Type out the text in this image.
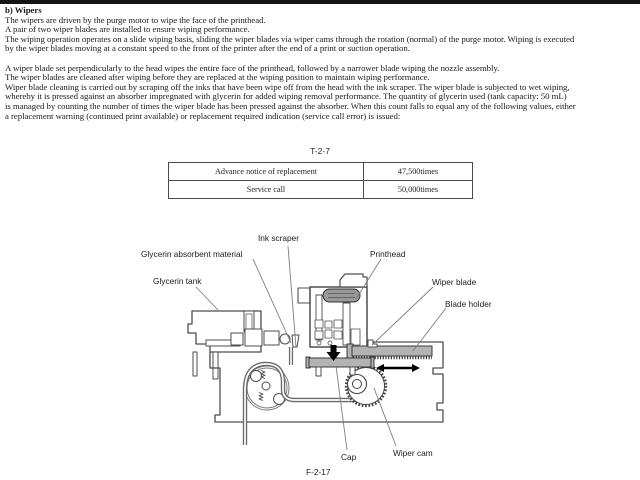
b) Wipers
The wipers are driven by the purge motor to wipe the face of the printhead.
A pair of two wiper blades are installed to ensure wiping performance.
The wiping operation operates on a slide wiping basis, sliding the wiper blades via wiper cams through the rotation (normal) of the purge motor. Wiping is executed
by the wiper blades moving at a constant speed to the front of the printer after the end of a print or suction operation.
A wiper blade set perpendicularly to the head wipes the entire face of the printhead, followed by a narrower blade wiping the nozzle assembly.
The wiper blades are cleaned after wiping before they are replaced at the wiping position to maintain wiping performance.
Wiper blade cleaning is carried out by scraping off the inks that have been wipe off from the head with the ink scraper. The wiper blade is subjected to wet wiping,
whereby it is pressed against an absorber impregnated with glycerin for added wiping removal performance. The quantity of glycerin used (tank capacity: 50 mL)
is managed by counting the number of times the wiper blade has been pressed against the absorber. When this count falls to equal any of the following values, either
a replacement warning (continued print available) or replacement required indication (service call error) is issued:
T-2-7
Advance notice of replacement	47,500times
Service call	50,000times
Ink scraper
Glycerin absorbent material	Printhead
Glycerin tank	Wiper blade
Blade holder
Cap	Wiper cam
F-2-17
